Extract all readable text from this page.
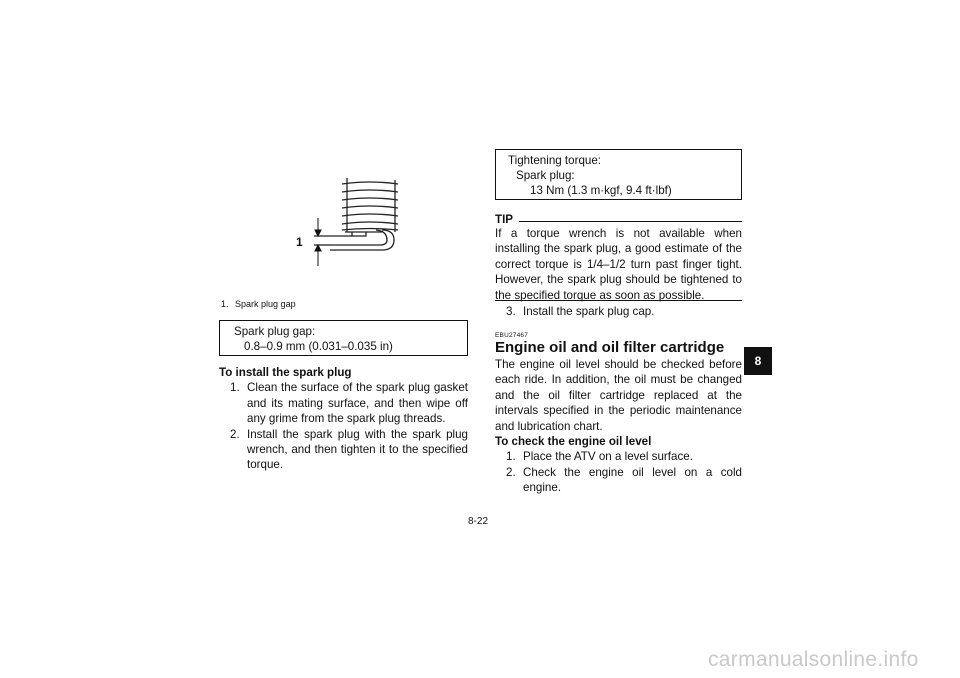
1
1. Spark plug gap
Spark plug gap:
0.8–0.9 mm (0.031–0.035 in)
To install the spark plug
1. Clean the surface of the spark plug gasket and its mating surface, and then wipe off any grime from the spark plug threads.
2. Install the spark plug with the spark plug wrench, and then tighten it to the specified torque.
Tightening torque:
Spark plug:
13 Nm (1.3 m·kgf, 9.4 ft·lbf)
TIP
If a torque wrench is not available when installing the spark plug, a good estimate of the correct torque is 1/4–1/2 turn past finger tight. However, the spark plug should be tightened to the specified torque as soon as possible.
3. Install the spark plug cap.
EBU27467
Engine oil and oil filter cartridge
The engine oil level should be checked before each ride. In addition, the oil must be changed and the oil filter cartridge replaced at the intervals specified in the periodic maintenance and lubrication chart.
To check the engine oil level
1. Place the ATV on a level surface.
2. Check the engine oil level on a cold engine.
8
8-22
carmanualsonline.info
